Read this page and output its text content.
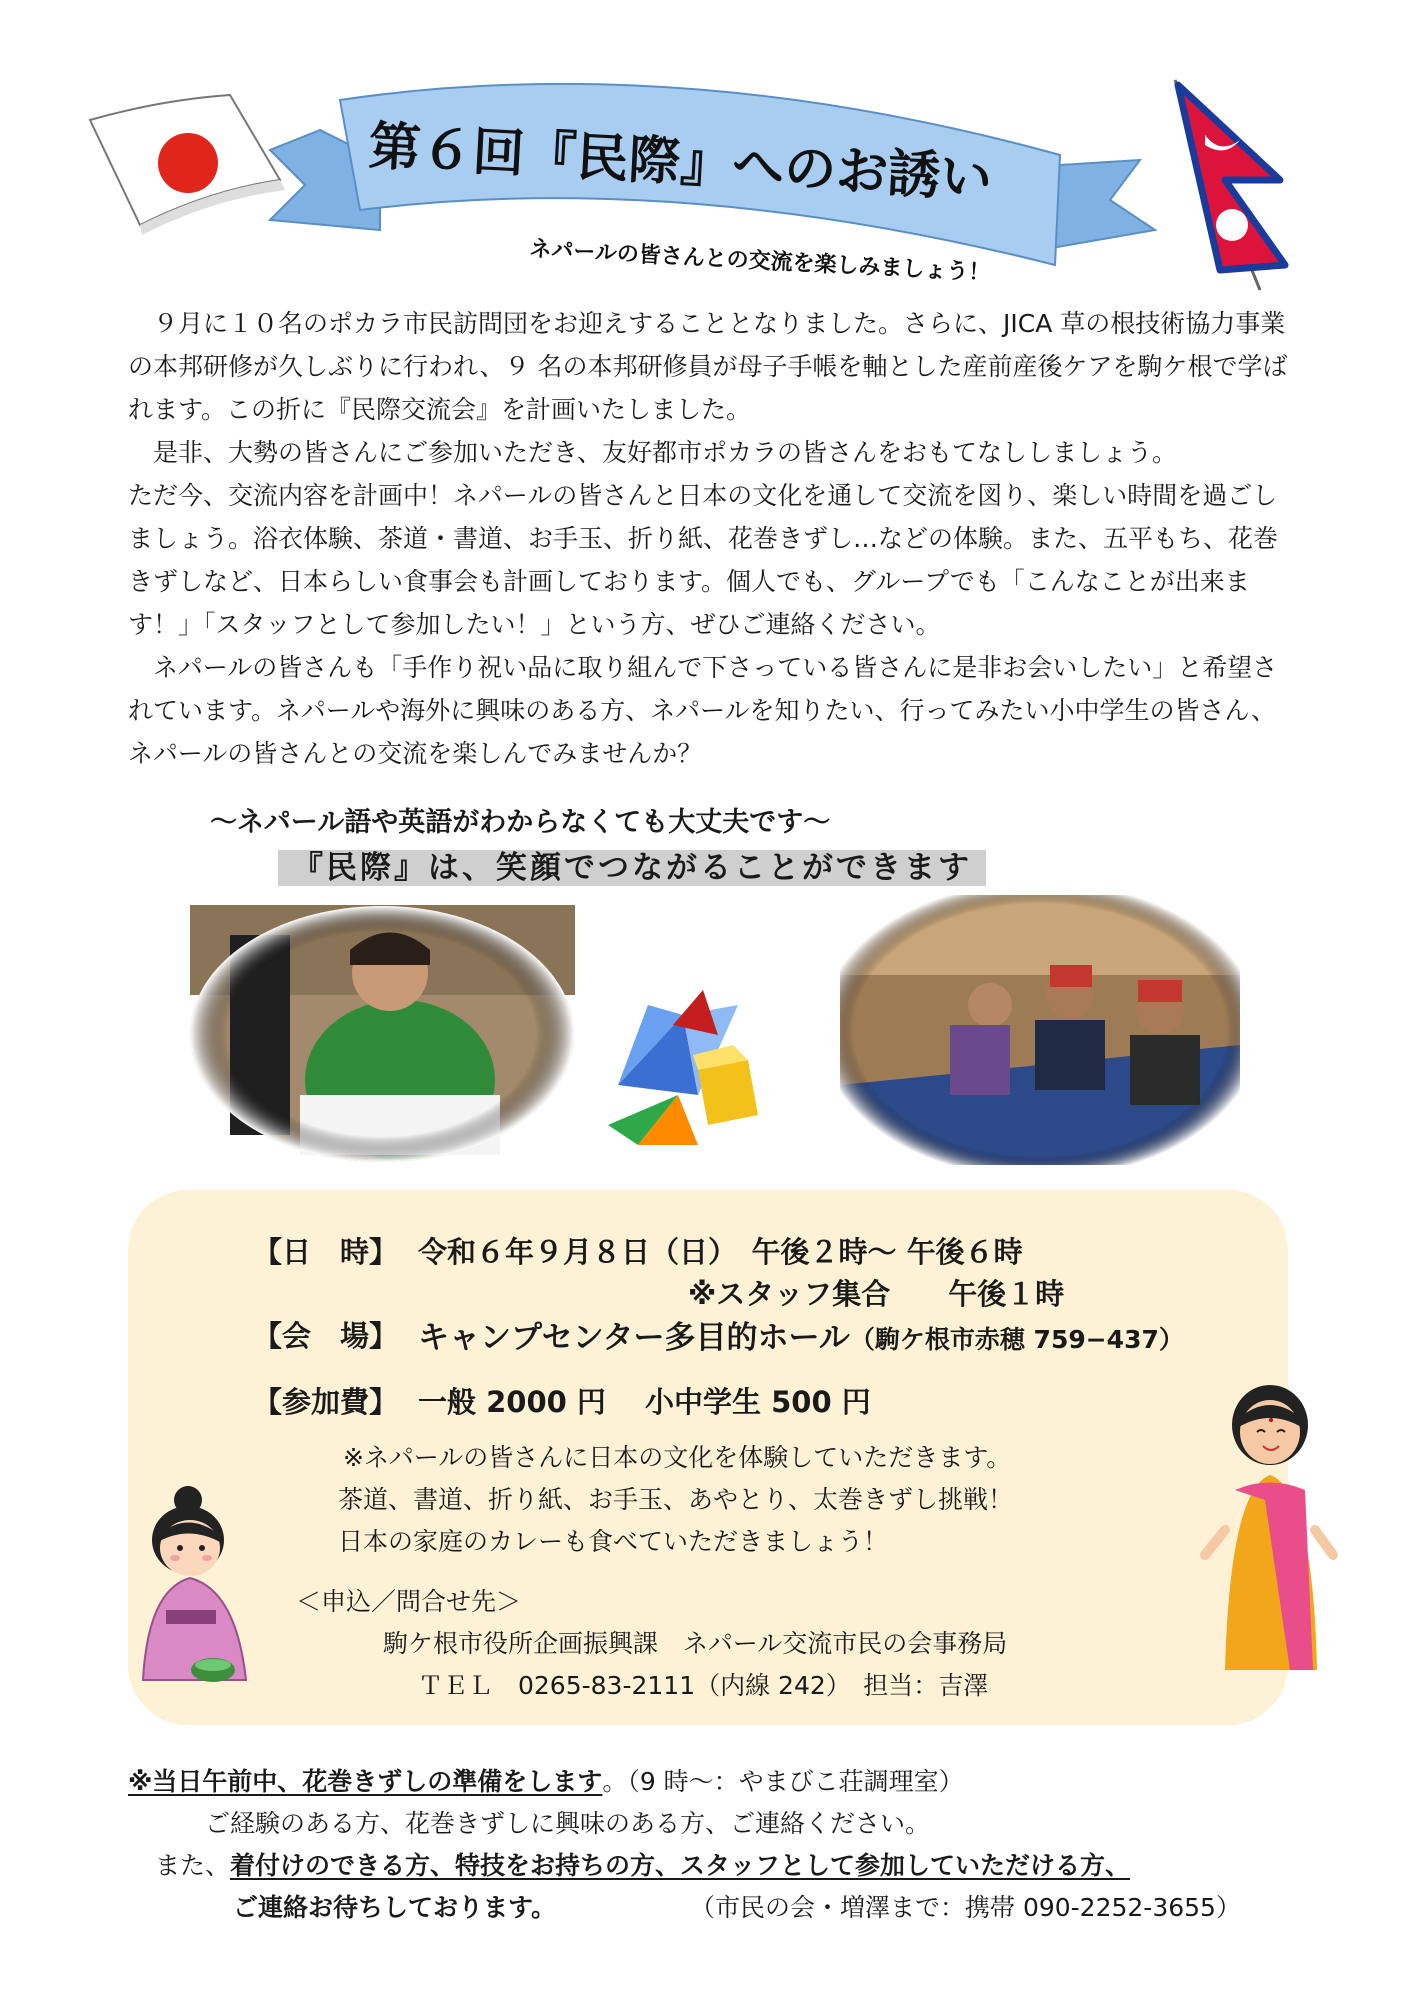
第６回『民際』へのお誘い
ネパールの皆さんとの交流を楽しみましょう！

９月に１０名のポカラ市民訪問団をお迎えすることとなりました。さらに、JICA 草の根技術協力事業の本邦研修が久しぶりに行われ、９ 名の本邦研修員が母子手帳を軸とした産前産後ケアを駒ケ根で学ばれます。この折に『民際交流会』を計画いたしました。

是非、大勢の皆さんにご参加いただき、友好都市ポカラの皆さんをおもてなししましょう。

ただ今、交流内容を計画中！ネパールの皆さんと日本の文化を通して交流を図り、楽しい時間を過ごしましょう。浴衣体験、茶道・書道、お手玉、折り紙、花巻きずし…などの体験。また、五平もち、花巻きずしなど、日本らしい食事会も計画しております。個人でも、グループでも「こんなことが出来ます！」「スタッフとして参加したい！」という方、ぜひご連絡ください。

ネパールの皆さんも「手作り祝い品に取り組んで下さっている皆さんに是非お会いしたい」と希望されています。ネパールや海外に興味のある方、ネパールを知りたい、行ってみたい小中学生の皆さん、ネパールの皆さんとの交流を楽しんでみませんか？

～ネパール語や英語がわからなくても大丈夫です～
『民際』は、笑顔でつながることができます
【日　時】 令和６年９月８日（日）　午後２時～ 午後６時
※スタッフ集合　　午後１時
【会　場】 キャンプセンター多目的ホール（駒ケ根市赤穂 759−437）
【参加費】 一般 2000 円　 小中学生 500 円
※ネパールの皆さんに日本の文化を体験していただきます。
茶道、書道、折り紙、お手玉、あやとり、太巻きずし挑戦！
日本の家庭のカレーも食べていただきましょう！
＜申込／問合せ先＞
駒ケ根市役所企画振興課　ネパール交流市民の会事務局
ＴＥＬ　0265-83-2111（内線 242）　担当：吉澤
※当日午前中、花巻きずしの準備をします。（9 時～：やまびこ荘調理室）
ご経験のある方、花巻きずしに興味のある方、ご連絡ください。
また、着付けのできる方、特技をお持ちの方、スタッフとして参加していただける方、
ご連絡お待ちしております。	（市民の会・増澤まで：携帯 090-2252-3655）
